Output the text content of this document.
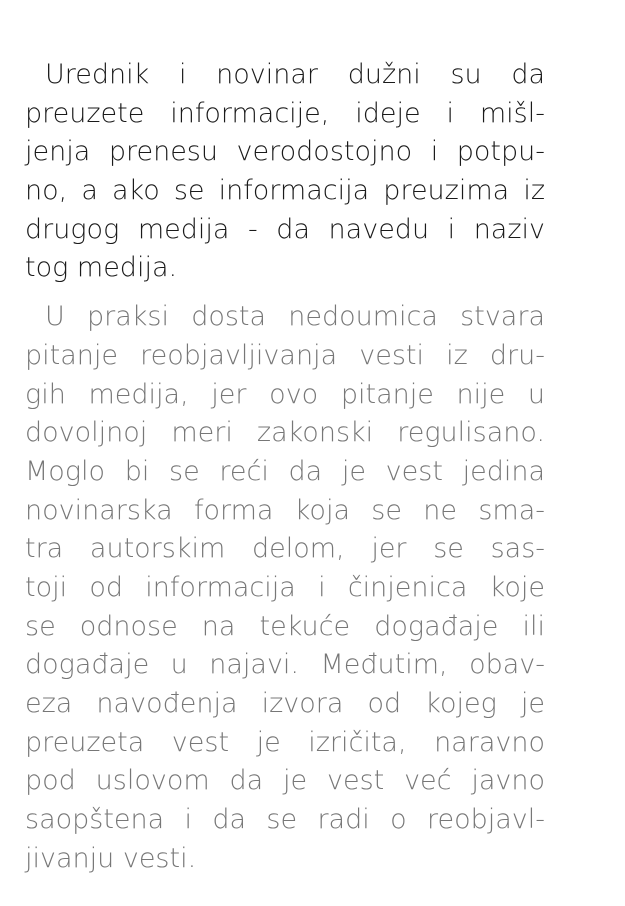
Urednik i novinar dužni su da
preuzete informacije, ideje i mišl-
jenja prenesu verodostojno i potpu-
no, a ako se informacija preuzima iz
drugog medija - da navedu i naziv
tog medija.
U praksi dosta nedoumica stvara
pitanje reobjavljivanja vesti iz dru-
gih medija, jer ovo pitanje nije u
dovoljnoj meri zakonski regulisano.
Moglo bi se reći da je vest jedina
novinarska forma koja se ne sma-
tra autorskim delom, jer se sas-
toji od informacija i činjenica koje
se odnose na tekuće događaje ili
događaje u najavi. Međutim, obav-
eza navođenja izvora od kojeg je
preuzeta vest je izričita, naravno
pod uslovom da je vest već javno
saopštena i da se radi o reobjavl-
jivanju vesti.
